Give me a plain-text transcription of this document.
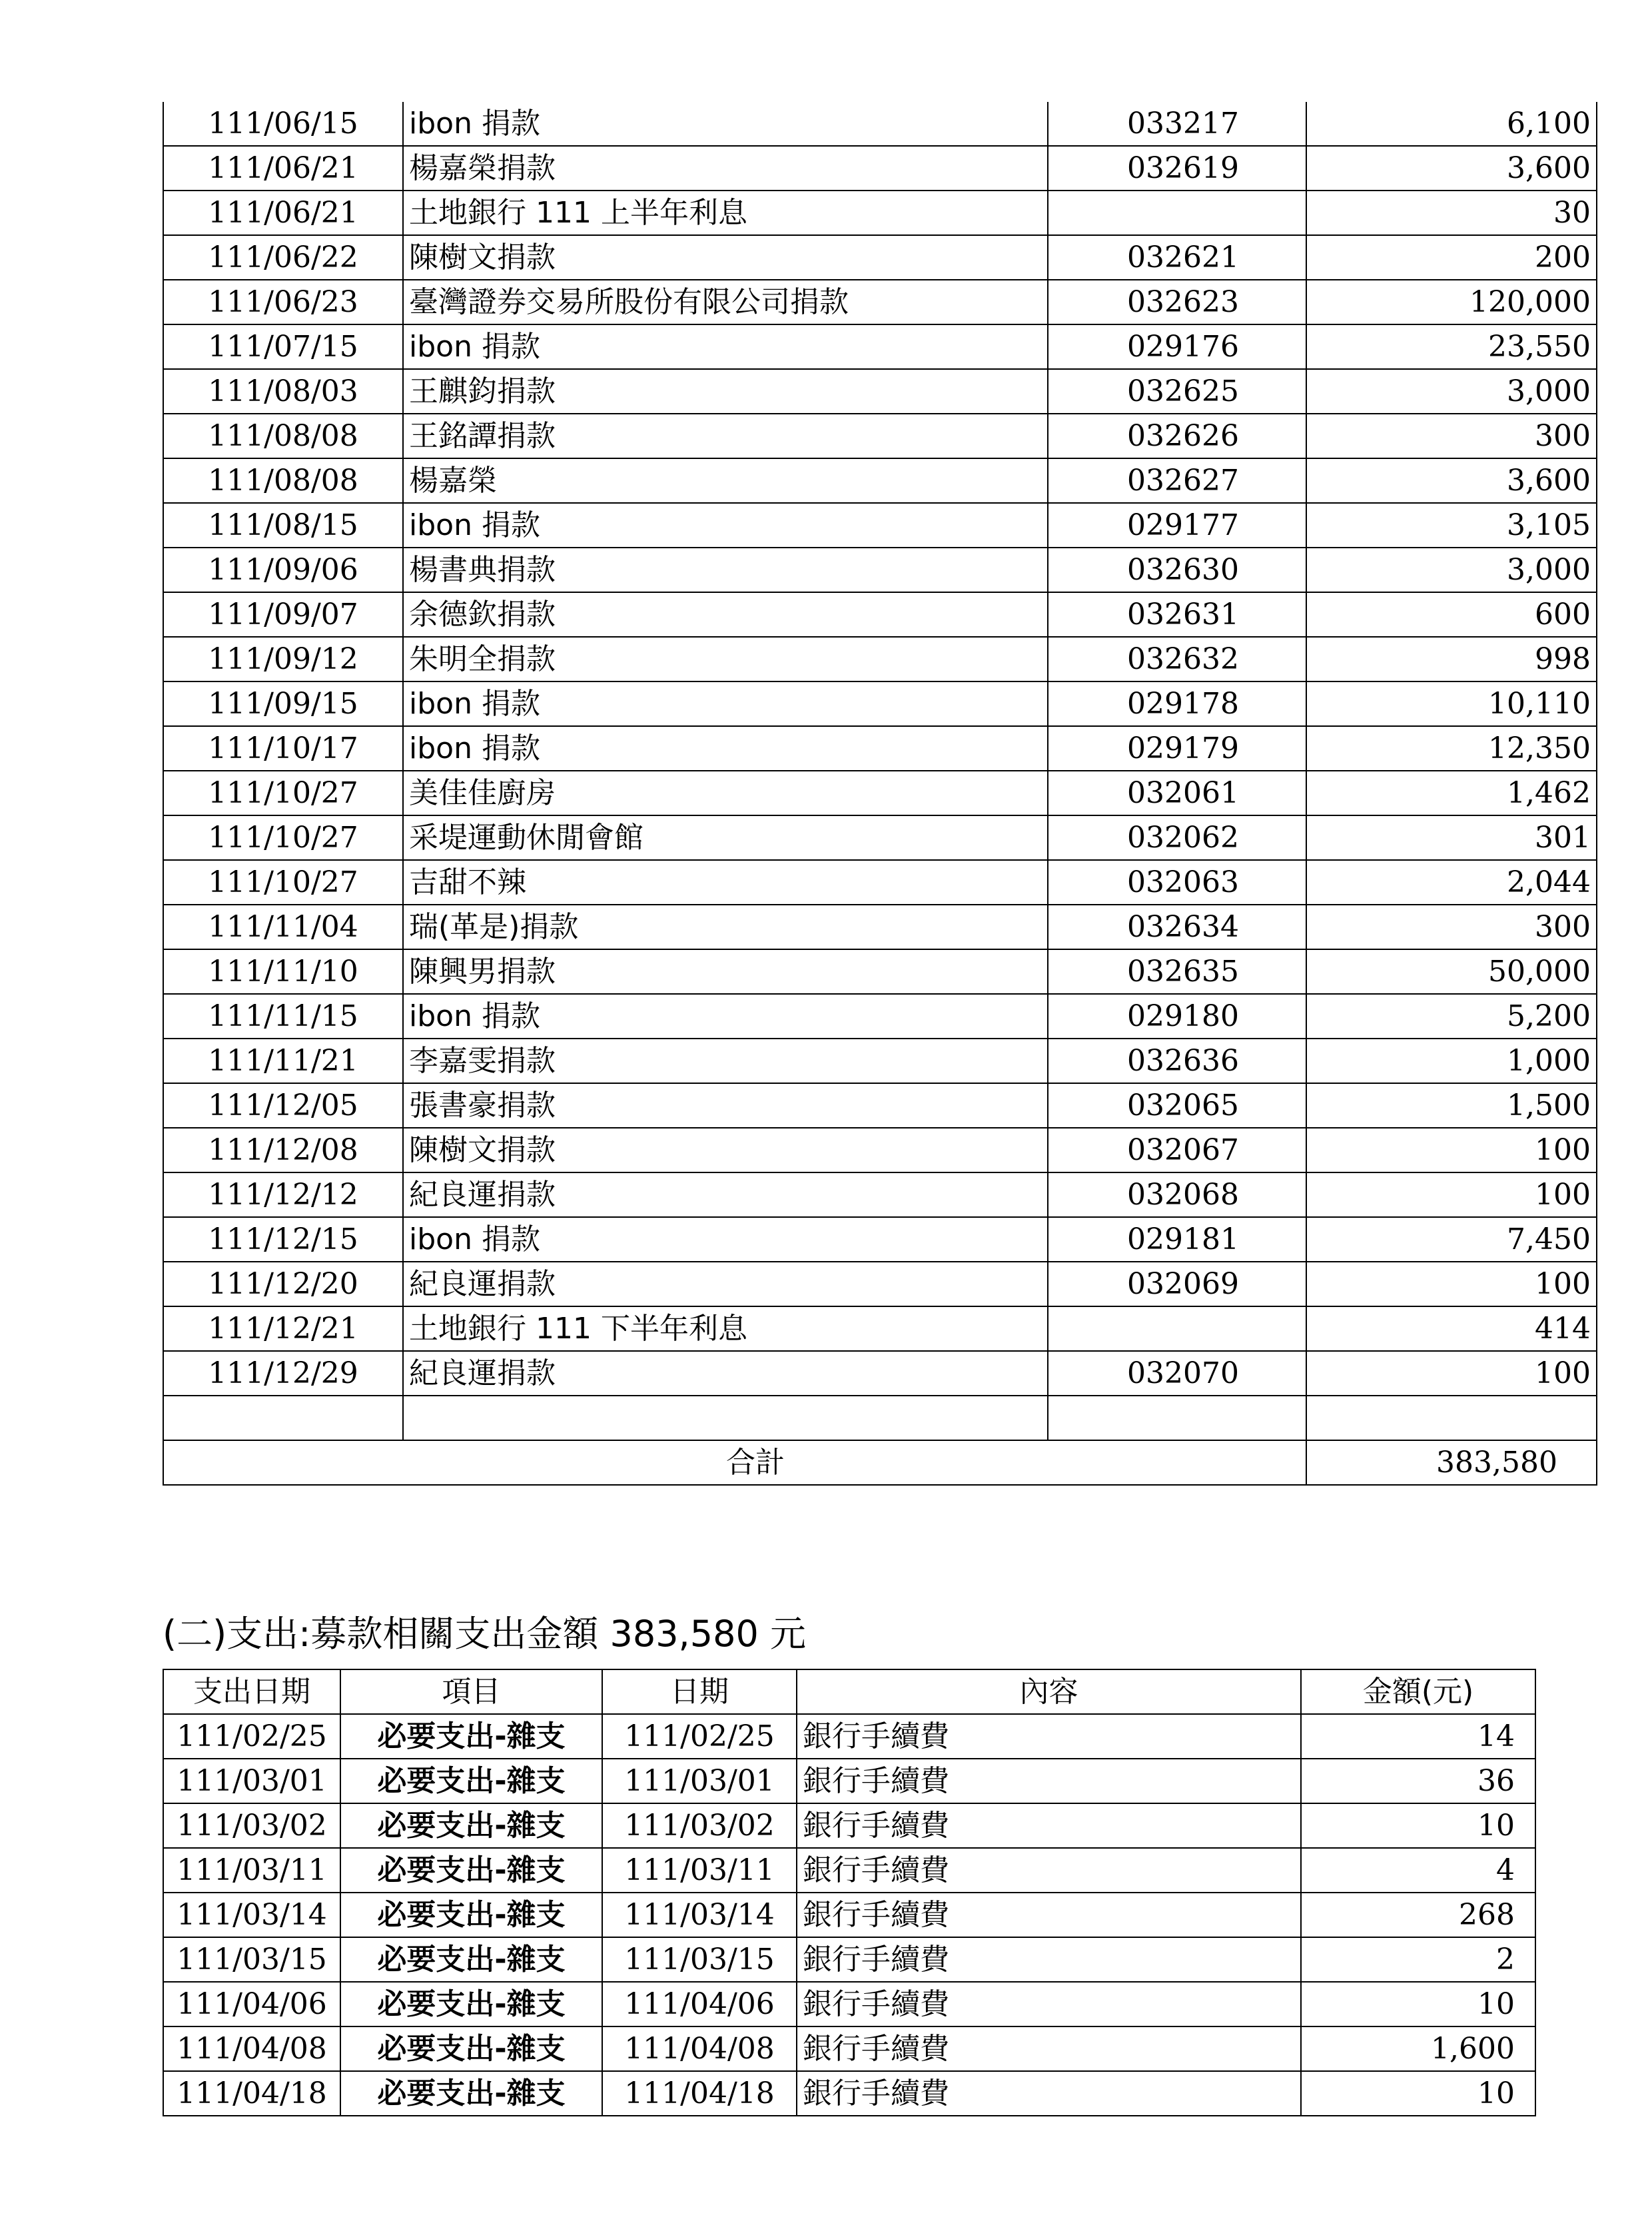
111/06/15	ibon 捐款	033217	6,100
111/06/21	楊嘉榮捐款	032619	3,600
111/06/21	土地銀行 111 上半年利息		30
111/06/22	陳樹文捐款	032621	200
111/06/23	臺灣證券交易所股份有限公司捐款	032623	120,000
111/07/15	ibon 捐款	029176	23,550
111/08/03	王麒鈞捐款	032625	3,000
111/08/08	王銘譚捐款	032626	300
111/08/08	楊嘉榮	032627	3,600
111/08/15	ibon 捐款	029177	3,105
111/09/06	楊書典捐款	032630	3,000
111/09/07	余德欽捐款	032631	600
111/09/12	朱明全捐款	032632	998
111/09/15	ibon 捐款	029178	10,110
111/10/17	ibon 捐款	029179	12,350
111/10/27	美佳佳廚房	032061	1,462
111/10/27	采堤運動休閒會館	032062	301
111/10/27	吉甜不辣	032063	2,044
111/11/04	瑞(革是)捐款	032634	300
111/11/10	陳興男捐款	032635	50,000
111/11/15	ibon 捐款	029180	5,200
111/11/21	李嘉雯捐款	032636	1,000
111/12/05	張書豪捐款	032065	1,500
111/12/08	陳樹文捐款	032067	100
111/12/12	紀良運捐款	032068	100
111/12/15	ibon 捐款	029181	7,450
111/12/20	紀良運捐款	032069	100
111/12/21	土地銀行 111 下半年利息		414
111/12/29	紀良運捐款	032070	100

合計			383,580
(二)支出:募款相關支出金額 383,580 元
支出日期	項目	日期	內容	金額(元)
111/02/25	必要支出-雜支	111/02/25	銀行手續費	14
111/03/01	必要支出-雜支	111/03/01	銀行手續費	36
111/03/02	必要支出-雜支	111/03/02	銀行手續費	10
111/03/11	必要支出-雜支	111/03/11	銀行手續費	4
111/03/14	必要支出-雜支	111/03/14	銀行手續費	268
111/03/15	必要支出-雜支	111/03/15	銀行手續費	2
111/04/06	必要支出-雜支	111/04/06	銀行手續費	10
111/04/08	必要支出-雜支	111/04/08	銀行手續費	1,600
111/04/18	必要支出-雜支	111/04/18	銀行手續費	10
